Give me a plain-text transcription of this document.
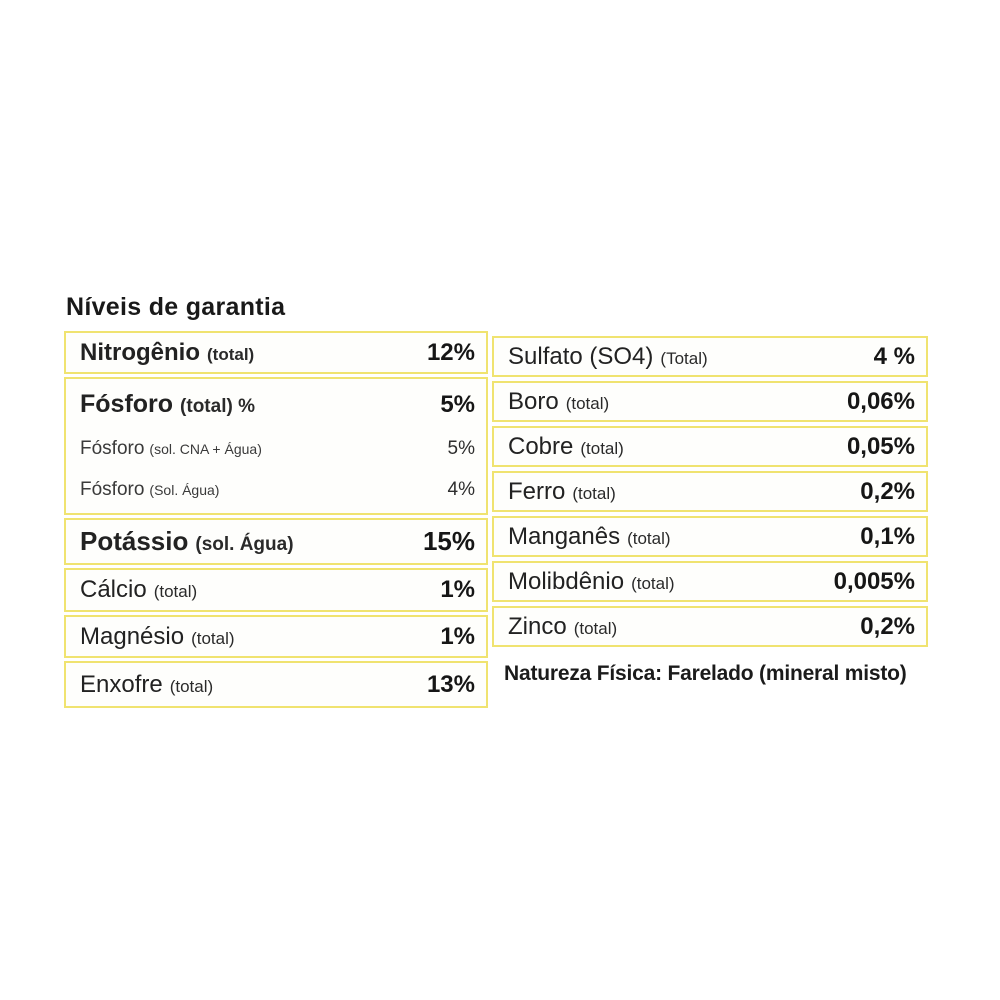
Níveis de garantia
Nitrogênio (total)	12%
Fósforo (total) %	5%
Fósforo (sol. CNA + Água)	5%
Fósforo (Sol. Água)	4%
Potássio (sol. Água)	15%
Cálcio (total)	1%
Magnésio (total)	1%
Enxofre (total)	13%
Sulfato (SO4) (Total)	4 %
Boro (total)	0,06%
Cobre (total)	0,05%
Ferro (total)	0,2%
Manganês (total)	0,1%
Molibdênio (total)	0,005%
Zinco (total)	0,2%
Natureza Física: Farelado (mineral misto)
